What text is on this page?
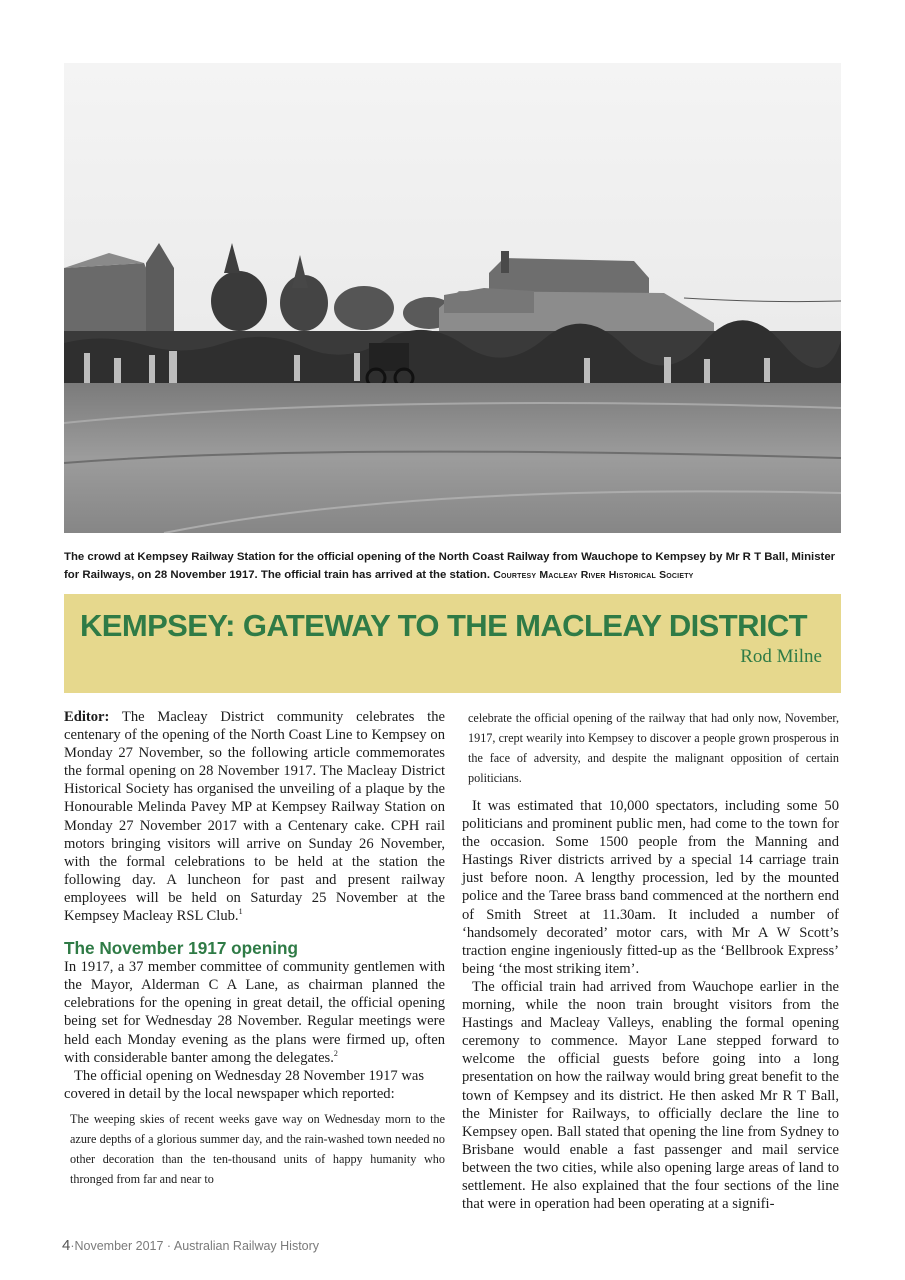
The crowd at Kempsey Railway Station for the official opening of the North Coast Railway from Wauchope to Kempsey by Mr R T Ball, Minister for Railways, on 28 November 1917. The official train has arrived at the station. Courtesy Macleay River Historical Society
KEMPSEY: GATEWAY TO THE MACLEAY DISTRICT
Rod Milne

Editor: The Macleay District community celebrates the centenary of the opening of the North Coast Line to Kempsey on Monday 27 November, so the following article commemorates the formal opening on 28 November 1917. The Macleay District Historical Society has organised the unveiling of a plaque by the Honourable Melinda Pavey MP at Kempsey Railway Station on Monday 27 November 2017 with a Centenary cake. CPH rail motors bringing visitors will arrive on Sunday 26 November, with the formal celebrations to be held at the station the following day. A luncheon for past and present railway employees will be held on Saturday 25 November at the Kempsey Macleay RSL Club.$^1$

The November 1917 opening

In 1917, a 37 member committee of community gentlemen with the Mayor, Alderman C A Lane, as chairman planned the celebrations for the opening in great detail, the official opening being set for Wednesday 28 November. Regular meetings were held each Monday evening as the plans were firmed up, often with considerable banter among the delegates.$^2$

The official opening on Wednesday 28 November 1917 was covered in detail by the local newspaper which reported:

The weeping skies of recent weeks gave way on Wednesday morn to the azure depths of a glorious summer day, and the rain-washed town needed no other decoration than the ten-thousand units of happy humanity who thronged from far and near to

celebrate the official opening of the railway that had only now, November, 1917, crept wearily into Kempsey to discover a people grown prosperous in the face of adversity, and despite the malignant opposition of certain politicians.

It was estimated that 10,000 spectators, including some 50 politicians and prominent public men, had come to the town for the occasion. Some 1500 people from the Manning and Hastings River districts arrived by a special 14 carriage train just before noon. A lengthy procession, led by the mounted police and the Taree brass band commenced at the northern end of Smith Street at 11.30am. It included a number of ‘handsomely decorated’ motor cars, with Mr A W Scott’s traction engine ingeniously fitted-up as the ‘Bellbrook Express’ being ‘the most striking item’.

The official train had arrived from Wauchope earlier in the morning, while the noon train brought visitors from the Hastings and Macleay Valleys, enabling the formal opening ceremony to commence. Mayor Lane stepped forward to welcome the official guests before going into a long presentation on how the railway would bring great benefit to the town of Kempsey and its district. He then asked Mr R T Ball, the Minister for Railways, to officially declare the line to Kempsey open. Ball stated that opening the line from Sydney to Brisbane would enable a fast passenger and mail service between the two cities, while also opening large areas of land to settlement. He also explained that the four sections of the line that were in operation had been operating at a signifi-

4·November 2017 · Australian Railway History
